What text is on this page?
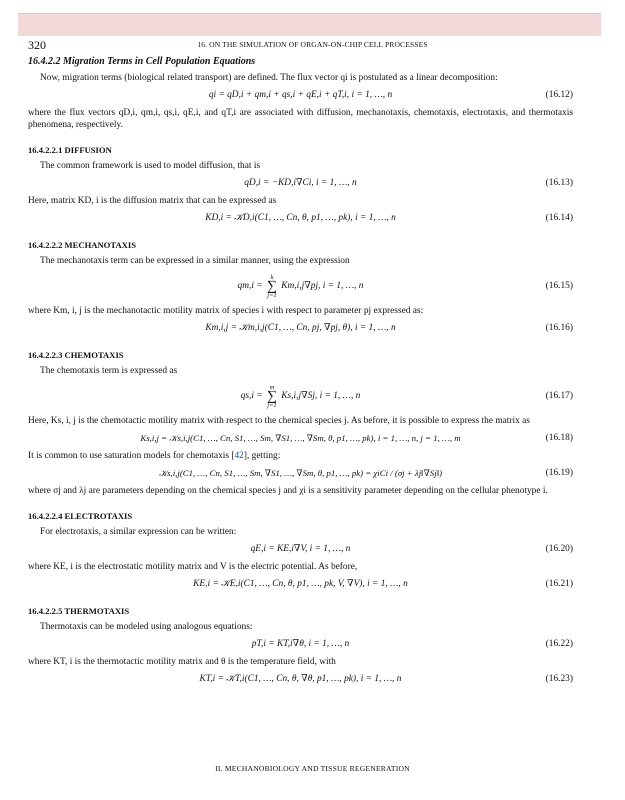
320	16. ON THE SIMULATION OF ORGAN-ON-CHIP CELL PROCESSES
16.4.2.2 Migration Terms in Cell Population Equations

Now, migration terms (biological related transport) are defined. The flux vector qi is postulated as a linear decomposition:

qi = qD,i + qm,i + qs,i + qE,i + qT,i, i = 1, …, n	(16.12)

where the flux vectors qD,i, qm,i, qs,i, qE,i, and qT,i are associated with diffusion, mechanotaxis, chemotaxis, electrotaxis, and thermotaxis phenomena, respectively.

16.4.2.2.1 DIFFUSION

The common framework is used to model diffusion, that is

qD,i = −KD,i∇Ci, i = 1, …, n	(16.13)

Here, matrix KD, i is the diffusion matrix that can be expressed as

KD,i = 𝒦D,i(C1, …, Cn, θ, p1, …, pk), i = 1, …, n	(16.14)
16.4.2.2.2 MECHANOTAXIS

The mechanotaxis term can be expressed in a similar manner, using the expression

qm,i = ∑
k
j=1
Km,i,j∇pj, i = 1, …, n	(16.15)

where Km, i, j is the mechanotactic motility matrix of species i with respect to parameter pj expressed as:

Km,i,j = 𝒦m,i,j(C1, …, Cn, pj, ∇pj, θ), i = 1, …, n	(16.16)
16.4.2.2.3 CHEMOTAXIS

The chemotaxis term is expressed as

qs,i = ∑
m
j=1
Ks,i,j∇Sj, i = 1, …, n	(16.17)

Here, Ks, i, j is the chemotactic motility matrix with respect to the chemical species j. As before, it is possible to express the matrix as

Ks,i,j = 𝒦s,i,j(C1, …, Cn, S1, …, Sm, ∇S1, …, ∇Sm, θ, p1, …, pk), i = 1, …, n, j = 1, …, m	(16.18)

It is common to use saturation models for chemotaxis [42], getting:

𝒦s,i,j(C1, …, Cn, S1, …, Sm, ∇S1, …, ∇Sm, θ, p1, …, pk) = χiCi / (σj + λj‖∇Sj‖)	(16.19)

where σj and λj are parameters depending on the chemical species j and χi is a sensitivity parameter depending on the cellular phenotype i.

16.4.2.2.4 ELECTROTAXIS

For electrotaxis, a similar expression can be written:

qE,i = KE,i∇V, i = 1, …, n	(16.20)

where KE, i is the electrostatic motility matrix and V is the electric potential. As before,

KE,i = 𝒦E,i(C1, …, Cn, θ, p1, …, pk, V, ∇V), i = 1, …, n	(16.21)
16.4.2.2.5 THERMOTAXIS

Thermotaxis can be modeled using analogous equations:

pT,i = KT,i∇θ, i = 1, …, n	(16.22)

where KT, i is the thermotactic motility matrix and θ is the temperature field, with

KT,i = 𝒦T,i(C1, …, Cn, θ, ∇θ, p1, …, pk), i = 1, …, n	(16.23)
II. MECHANOBIOLOGY AND TISSUE REGENERATION
